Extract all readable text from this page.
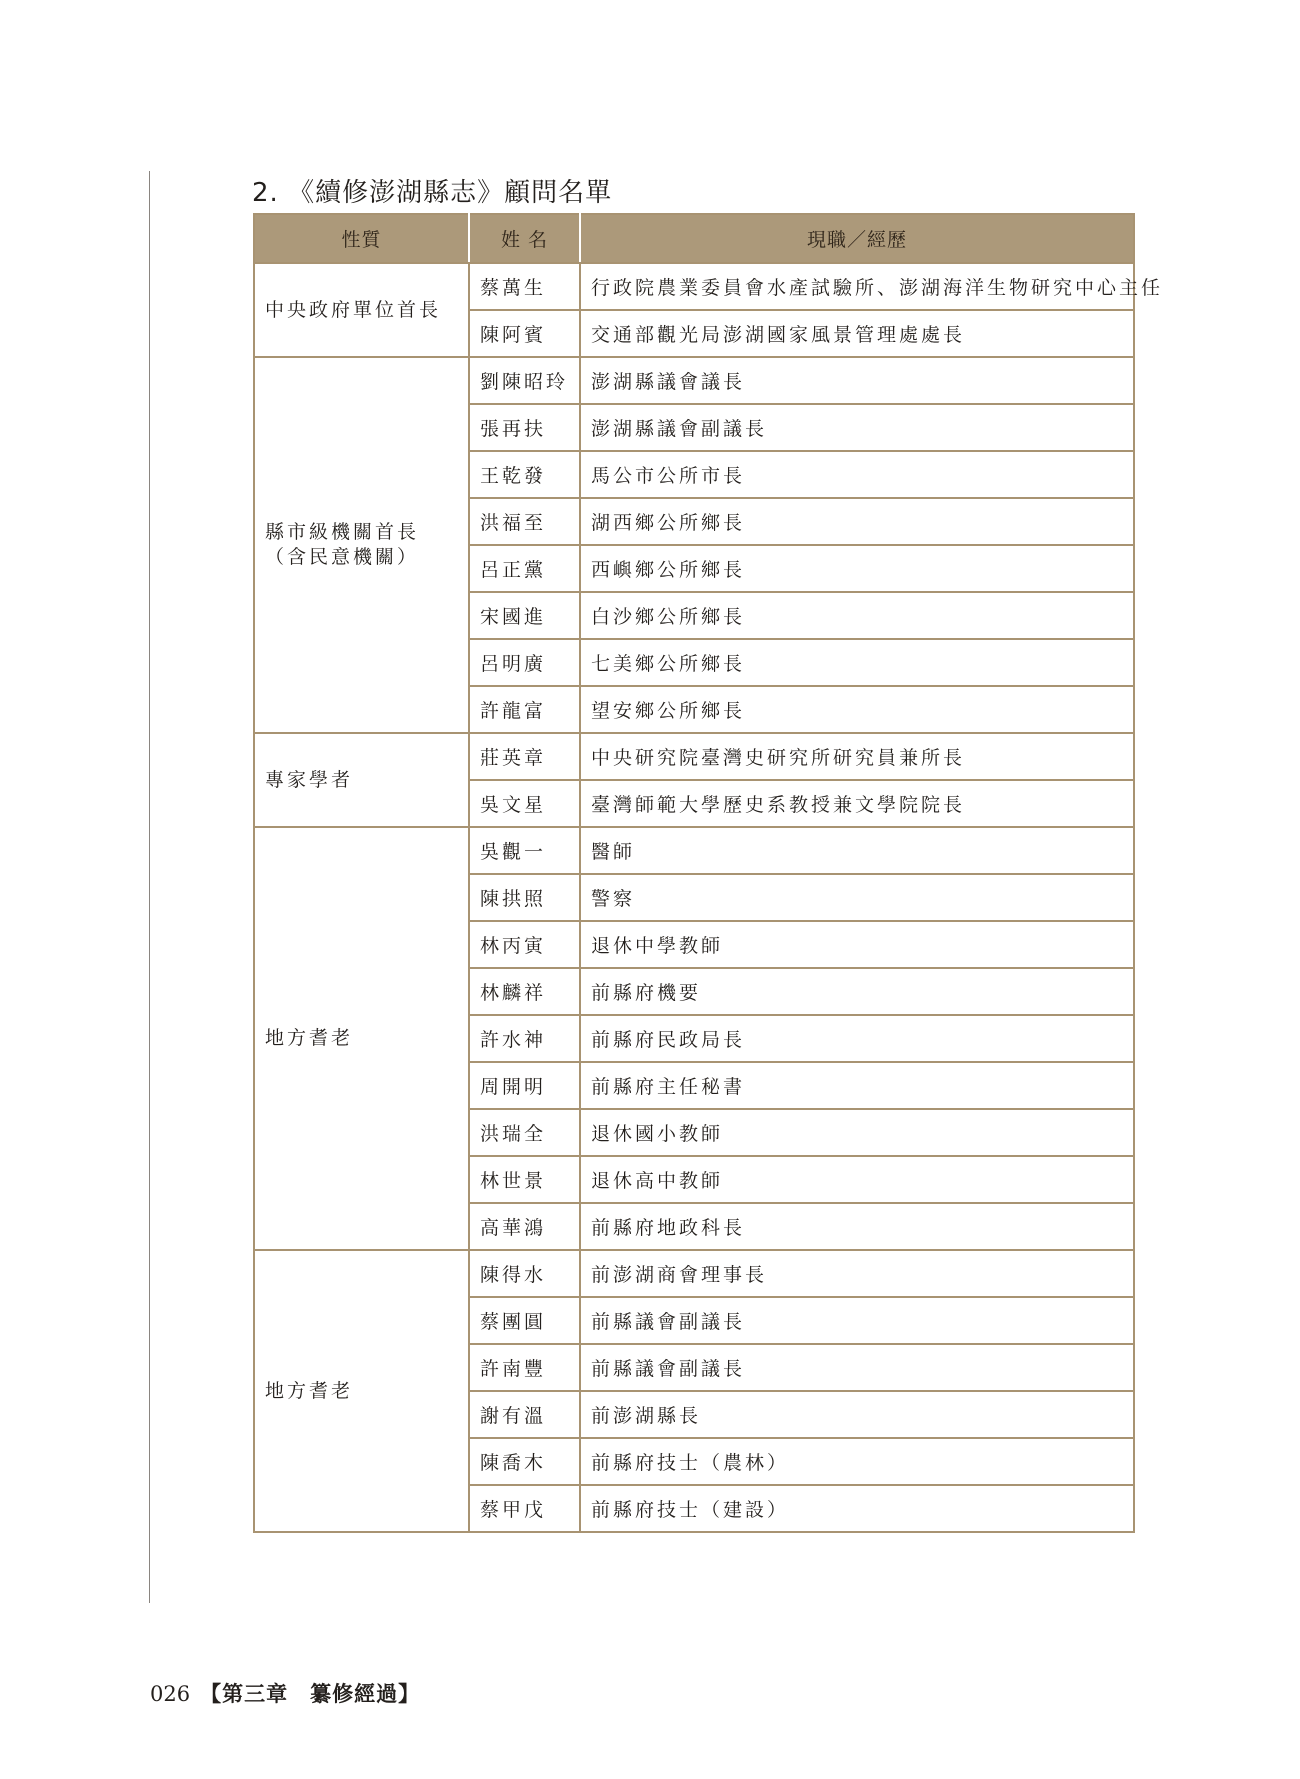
2. 《續修澎湖縣志》顧問名單
性質	姓 名	現職／經歷

中央政府單位首長	蔡萬生	行政院農業委員會水產試驗所、澎湖海洋生物研究中心主任
	陳阿賓	交通部觀光局澎湖國家風景管理處處長

縣市級機關首長
（含民意機關）	劉陳昭玲	澎湖縣議會議長
	張再扶	澎湖縣議會副議長
	王乾發	馬公市公所市長
	洪福至	湖西鄉公所鄉長
	呂正黨	西嶼鄉公所鄉長
	宋國進	白沙鄉公所鄉長
	呂明廣	七美鄉公所鄉長
	許龍富	望安鄉公所鄉長

專家學者	莊英章	中央研究院臺灣史研究所研究員兼所長
	吳文星	臺灣師範大學歷史系教授兼文學院院長

地方耆老	吳觀一	醫師
	陳拱照	警察
	林丙寅	退休中學教師
	林麟祥	前縣府機要
	許水神	前縣府民政局長
	周開明	前縣府主任秘書
	洪瑞全	退休國小教師
	林世景	退休高中教師
	高華鴻	前縣府地政科長

地方耆老	陳得水	前澎湖商會理事長
	蔡團圓	前縣議會副議長
	許南豐	前縣議會副議長
	謝有溫	前澎湖縣長
	陳喬木	前縣府技士（農林）
	蔡甲戊	前縣府技士（建設）
026 【第三章　纂修經過】
